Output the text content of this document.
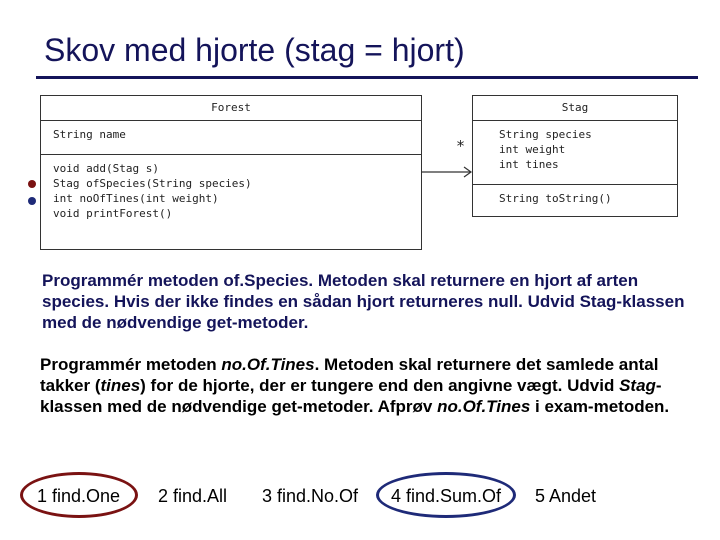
Skov med hjorte (stag = hjort)
Forest
String name
void add(Stag s)
Stag ofSpecies(String species)
int noOfTines(int weight)
void printForest()
*
Stag
String species
int weight
int tines
String toString()

Programmér metoden of.Species. Metoden skal returnere en hjort af arten species. Hvis der ikke findes en sådan hjort returneres null. Udvid Stag-klassen med de nødvendige get-metoder.

Programmér metoden no.Of.Tines. Metoden skal returnere det samlede antal takker (tines) for de hjorte, der er tungere end den angivne vægt. Udvid Stag-klassen med de nødvendige get-metoder. Afprøv no.Of.Tines i exam-metoden.

1 find.One 2 find.All 3 find.No.Of 4 find.Sum.Of 5 Andet
